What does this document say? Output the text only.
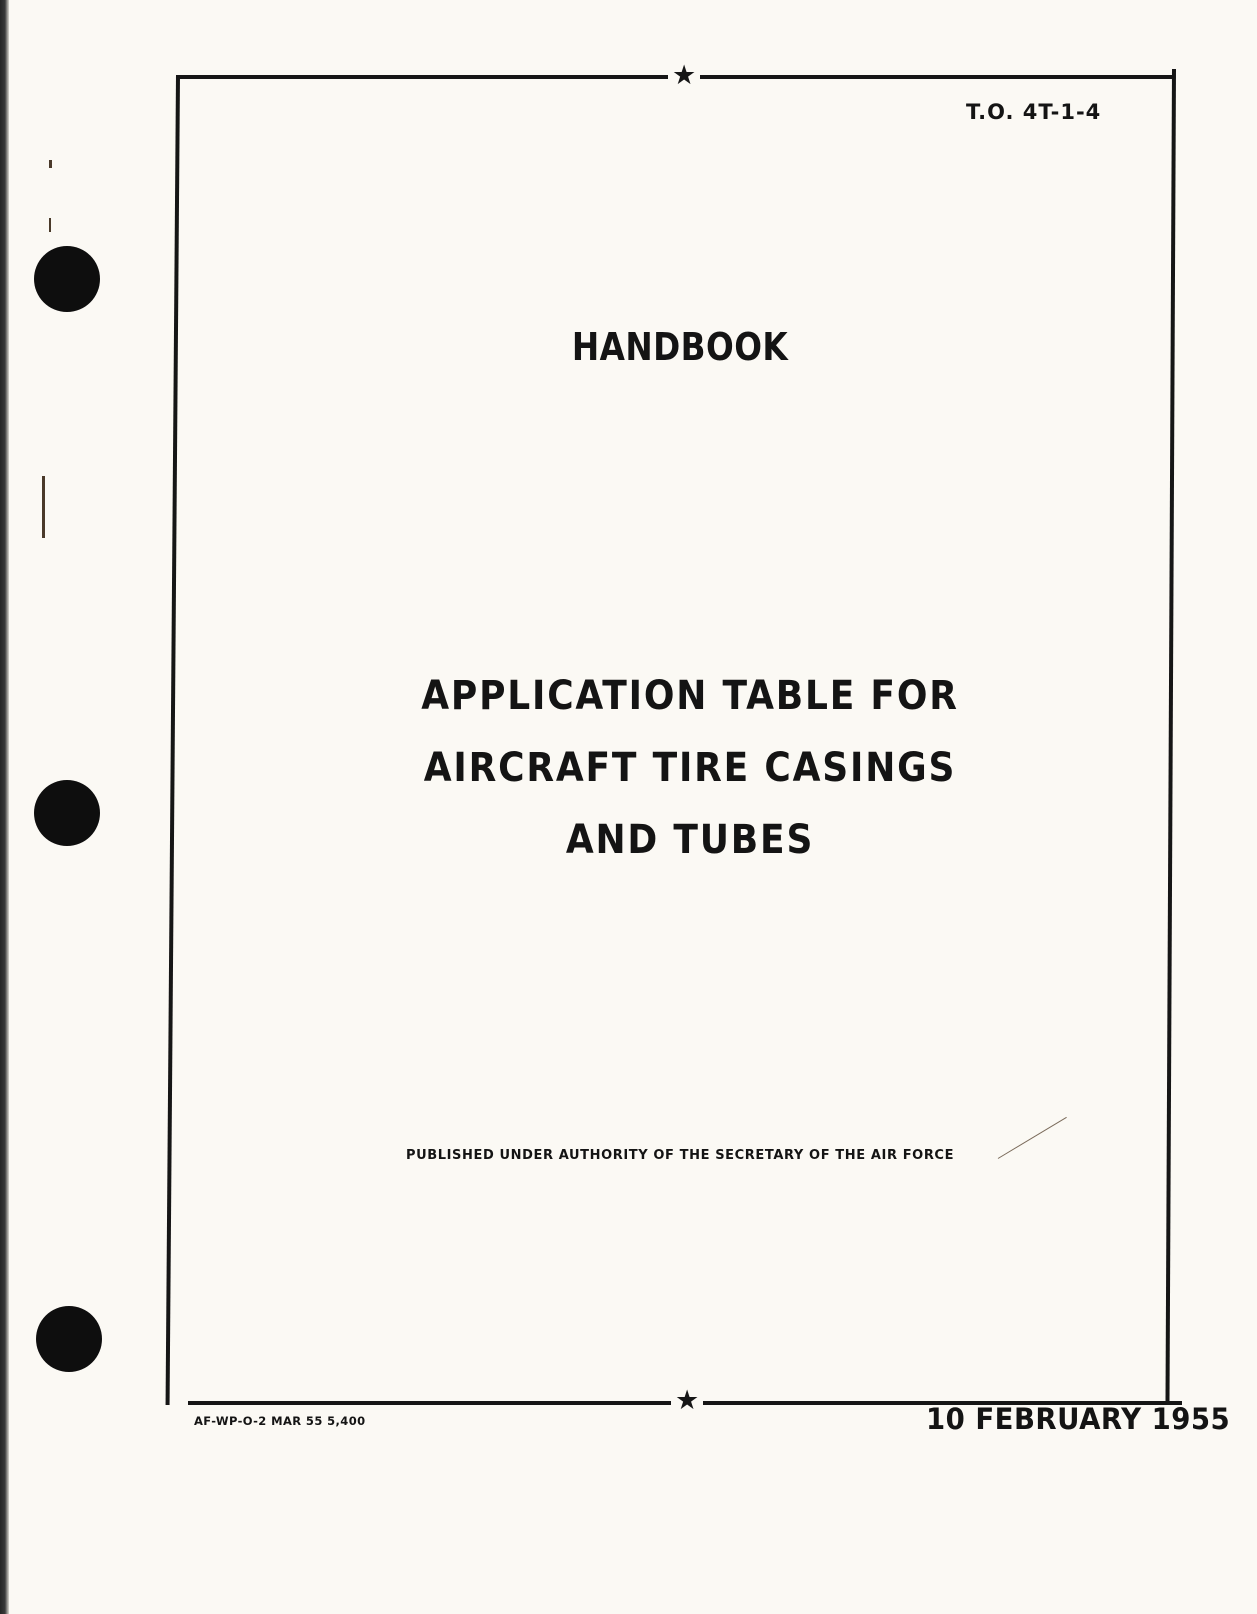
★
★
T.O. 4T-1-4
HANDBOOK
APPLICATION TABLE FOR
AIRCRAFT TIRE CASINGS
AND TUBES
PUBLISHED UNDER AUTHORITY OF THE SECRETARY OF THE AIR FORCE
AF-WP-O-2 MAR 55 5,400	10 FEBRUARY 1955
